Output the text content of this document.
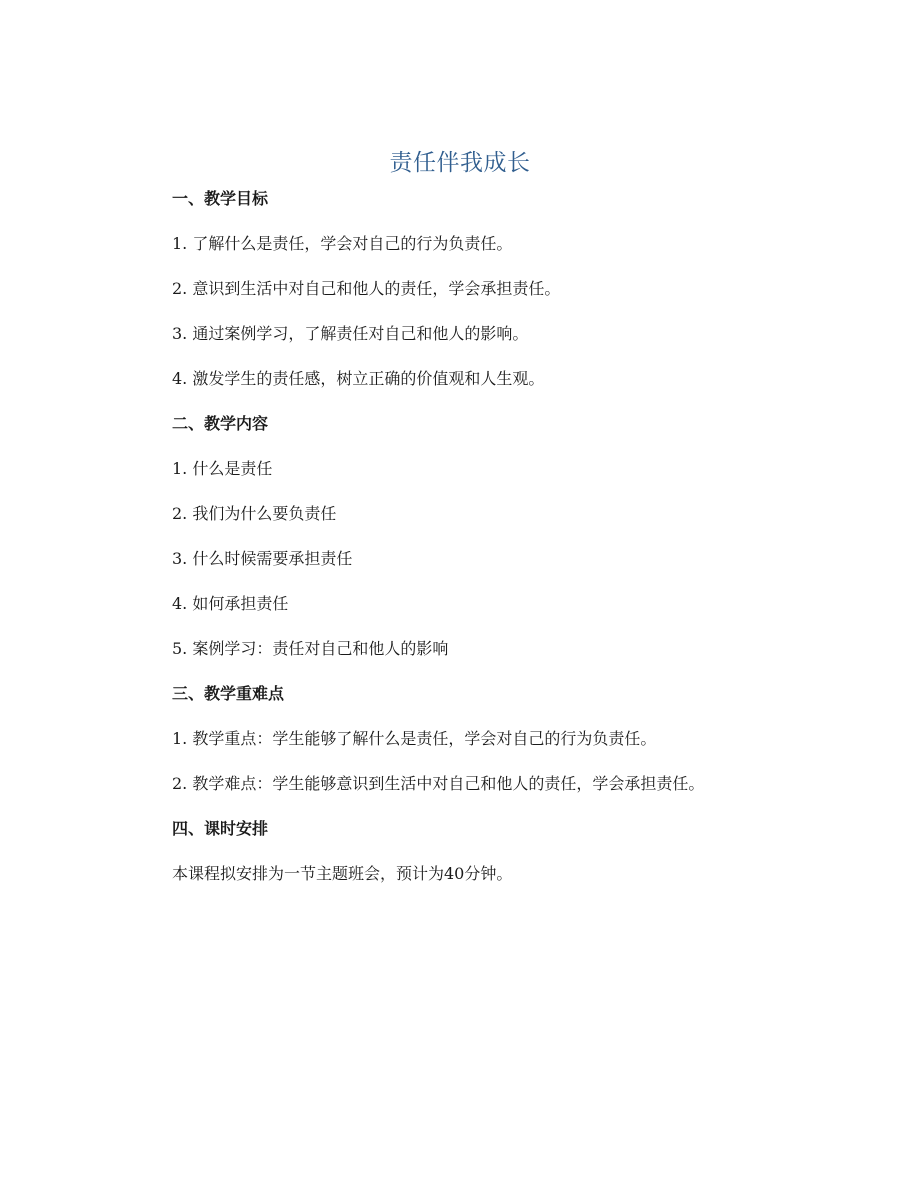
责任伴我成长
一、教学目标
1. 了解什么是责任，学会对自己的行为负责任。
2. 意识到生活中对自己和他人的责任，学会承担责任。
3. 通过案例学习，了解责任对自己和他人的影响。
4. 激发学生的责任感，树立正确的价值观和人生观。
二、教学内容
1. 什么是责任
2. 我们为什么要负责任
3. 什么时候需要承担责任
4. 如何承担责任
5. 案例学习：责任对自己和他人的影响
三、教学重难点
1. 教学重点：学生能够了解什么是责任，学会对自己的行为负责任。
2. 教学难点：学生能够意识到生活中对自己和他人的责任，学会承担责任。
四、课时安排
本课程拟安排为一节主题班会，预计为40分钟。
